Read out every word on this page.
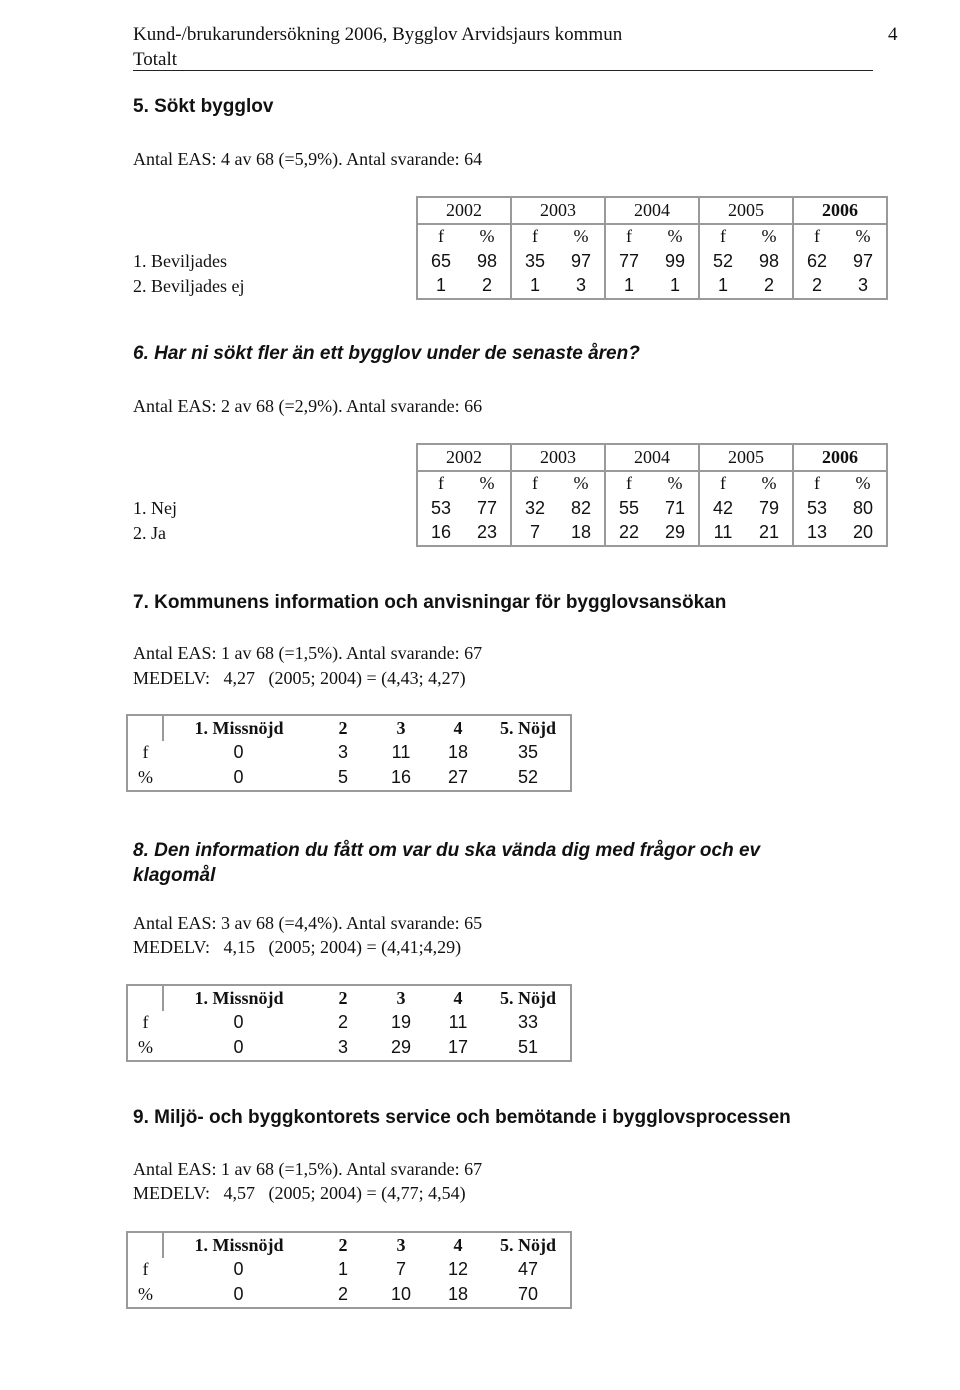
Kund-/brukarundersökning 2006, Bygglov Arvidsjaurs kommun
Totalt
4
5. Sökt bygglov
Antal EAS: 4 av 68 (=5,9%). Antal svarande: 64
	2002		2003		2004		2005		2006	
	f	%	f	%	f	%	f	%	f	%
1. Beviljades	65	98	35	97	77	99	52	98	62	97
2. Beviljades ej	1	2	1	3	1	1	1	2	2	3
6. Har ni sökt fler än ett bygglov under de senaste åren?
Antal EAS: 2 av 68 (=2,9%). Antal svarande: 66
	2002		2003		2004		2005		2006	
	f	%	f	%	f	%	f	%	f	%
1. Nej	53	77	32	82	55	71	42	79	53	80
2. Ja	16	23	7	18	22	29	11	21	13	20
7. Kommunens information och anvisningar för bygglovsansökan
Antal EAS: 1 av 68 (=1,5%). Antal svarande: 67
MEDELV:   4,27   (2005; 2004) = (4,43; 4,27)
	1. Missnöjd	2	3	4	5. Nöjd
f	0	3	11	18	35
%	0	5	16	27	52
8. Den information du fått om var du ska vända dig med frågor och ev
klagomål
Antal EAS: 3 av 68 (=4,4%). Antal svarande: 65
MEDELV:   4,15   (2005; 2004) = (4,41;4,29)
	1. Missnöjd	2	3	4	5. Nöjd
f	0	2	19	11	33
%	0	3	29	17	51
9. Miljö- och byggkontorets service och bemötande i bygglovsprocessen
Antal EAS: 1 av 68 (=1,5%). Antal svarande: 67
MEDELV:   4,57   (2005; 2004) = (4,77; 4,54)
	1. Missnöjd	2	3	4	5. Nöjd
f	0	1	7	12	47
%	0	2	10	18	70
